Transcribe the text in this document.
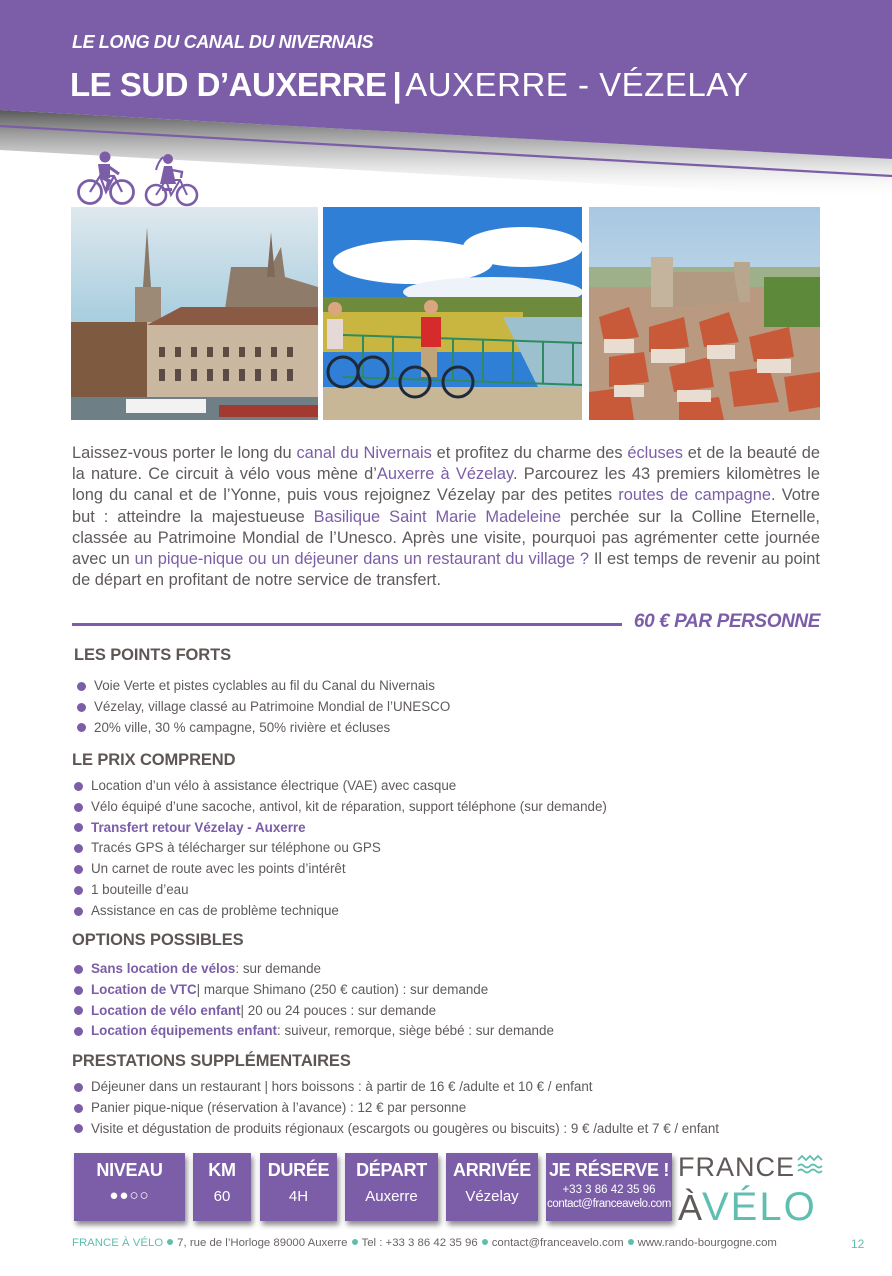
LE LONG DU CANAL DU NIVERNAIS
LE SUD D’AUXERRE | AUXERRE - VÉZELAY

Laissez-vous porter le long du canal du Nivernais et profitez du charme des écluses et de la beauté de la nature. Ce circuit à vélo vous mène d’Auxerre à Vézelay. Parcourez les 43 premiers kilomètres le long du canal et de l’Yonne, puis vous rejoignez Vézelay par des petites routes de campagne. Votre but : atteindre la majestueuse Basilique Saint Marie Madeleine perchée sur la Colline Eternelle, classée au Patrimoine Mondial de l’Unesco. Après une visite, pourquoi pas agrémenter cette journée avec un un pique-nique ou un déjeuner dans un restaurant du village ? Il est temps de revenir au point de départ en profitant de notre service de transfert.

60 € PAR PERSONNE
LES POINTS FORTS
Voie Verte et pistes cyclables au fil du Canal du Nivernais
Vézelay, village classé au Patrimoine Mondial de l’UNESCO
20% ville, 30 % campagne, 50% rivière et écluses
LE PRIX COMPREND
Location d’un vélo à assistance électrique (VAE) avec casque
Vélo équipé d’une sacoche, antivol, kit de réparation, support téléphone (sur demande)
Transfert retour Vézelay - Auxerre
Tracés GPS à télécharger sur téléphone ou GPS
Un carnet de route avec les points d’intérêt
1 bouteille d’eau
Assistance en cas de problème technique
OPTIONS POSSIBLES
Sans location de vélos : sur demande
Location de VTC | marque Shimano (250 € caution) : sur demande
Location de vélo enfant | 20 ou 24 pouces : sur demande
Location équipements enfant : suiveur, remorque, siège bébé : sur demande
PRESTATIONS SUPPLÉMENTAIRES
Déjeuner dans un restaurant | hors boissons : à partir de 16 € /adulte et 10 € / enfant
Panier pique-nique (réservation à l’avance) : 12 € par personne
Visite et dégustation de produits régionaux (escargots ou gougères ou biscuits) : 9 € /adulte et 7 € / enfant
NIVEAU
●●○○
KM
60
DURÉE
4H
DÉPART
Auxerre
ARRIVÉE
Vézelay
JE RÉSERVE !
+33 3 86 42 35 96
contact@franceavelo.com
FRANCE
À VÉLO
FRANCE À VÉLO 7, rue de l’Horloge 89000 Auxerre Tel : +33 3 86 42 35 96 contact@franceavelo.com www.rando-bourgogne.com	12
